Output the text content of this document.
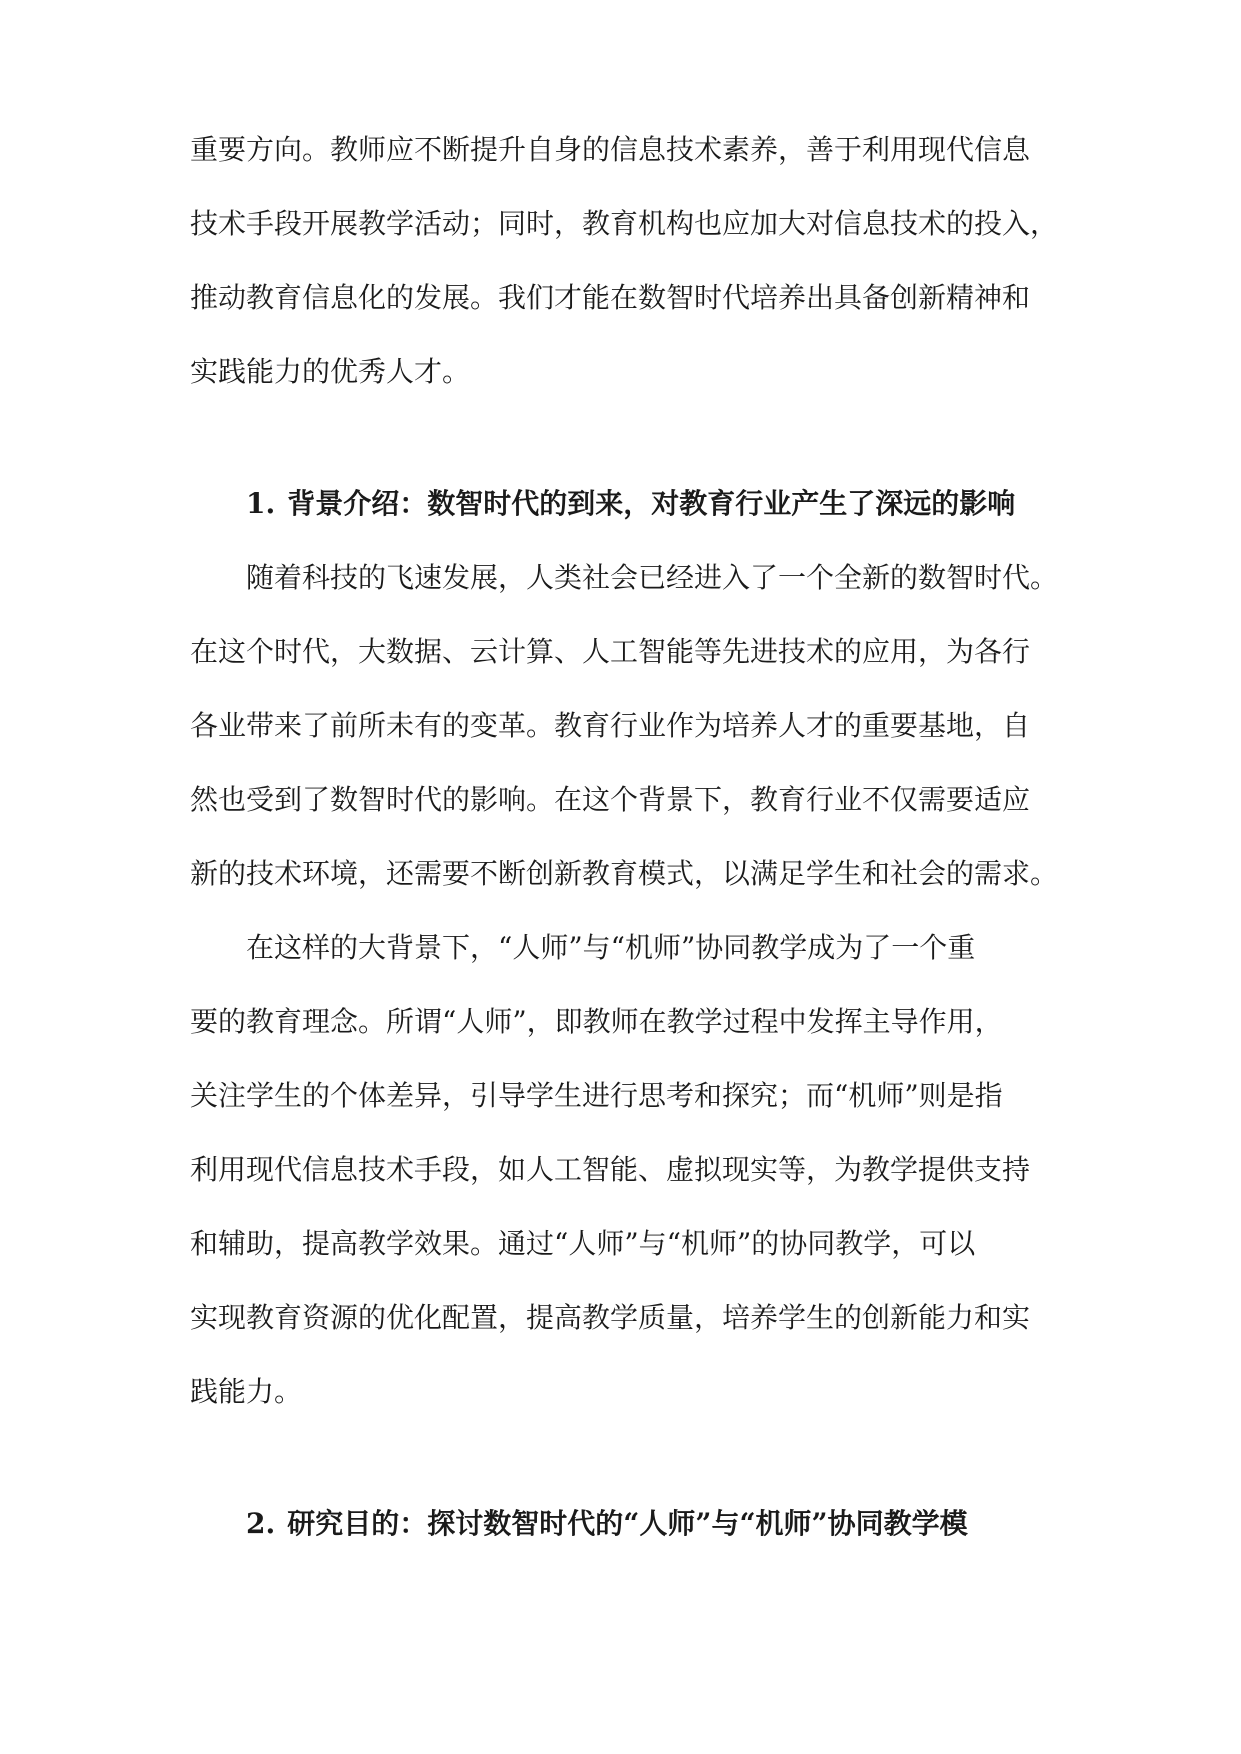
重要方向。教师应不断提升自身的信息技术素养，善于利用现代信息
技术手段开展教学活动；同时，教育机构也应加大对信息技术的投入，
推动教育信息化的发展。我们才能在数智时代培养出具备创新精神和
实践能力的优秀人才。
1. 背景介绍：数智时代的到来，对教育行业产生了深远的影响
随着科技的飞速发展，人类社会已经进入了一个全新的数智时代。
在这个时代，大数据、云计算、人工智能等先进技术的应用，为各行
各业带来了前所未有的变革。教育行业作为培养人才的重要基地，自
然也受到了数智时代的影响。在这个背景下，教育行业不仅需要适应
新的技术环境，还需要不断创新教育模式，以满足学生和社会的需求。
在这样的大背景下，“人师”与“机师”协同教学成为了一个重
要的教育理念。所谓“人师”，即教师在教学过程中发挥主导作用，
关注学生的个体差异，引导学生进行思考和探究；而“机师”则是指
利用现代信息技术手段，如人工智能、虚拟现实等，为教学提供支持
和辅助，提高教学效果。通过“人师”与“机师”的协同教学，可以
实现教育资源的优化配置，提高教学质量，培养学生的创新能力和实
践能力。
2. 研究目的：探讨数智时代的“人师”与“机师”协同教学模
